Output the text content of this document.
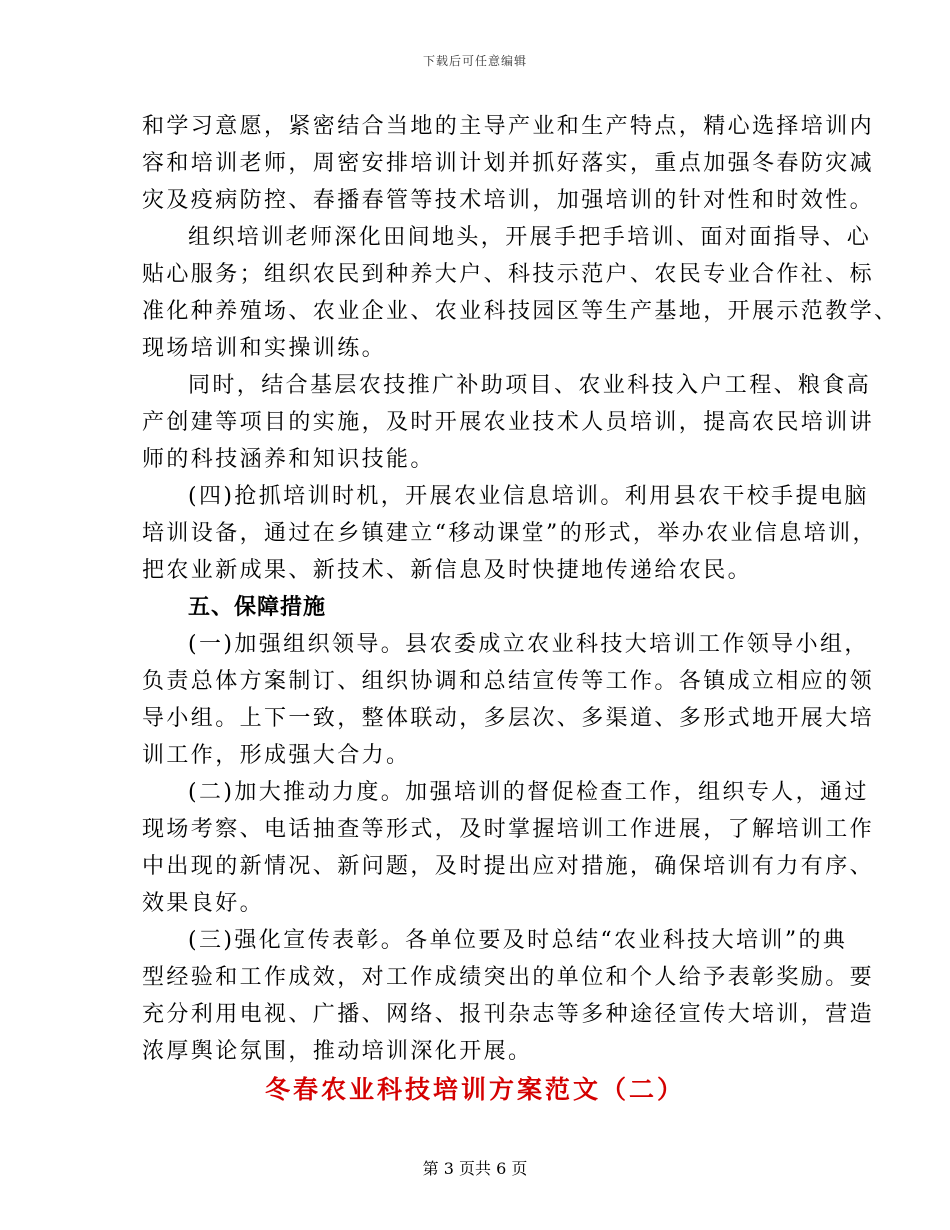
下载后可任意编辑
和学习意愿，紧密结合当地的主导产业和生产特点，精心选择培训内
容和培训老师，周密安排培训计划并抓好落实，重点加强冬春防灾减
灾及疫病防控、春播春管等技术培训，加强培训的针对性和时效性。
组织培训老师深化田间地头，开展手把手培训、面对面指导、心
贴心服务；组织农民到种养大户、科技示范户、农民专业合作社、标
准化种养殖场、农业企业、农业科技园区等生产基地，开展示范教学、
现场培训和实操训练。
同时，结合基层农技推广补助项目、农业科技入户工程、粮食高
产创建等项目的实施，及时开展农业技术人员培训，提高农民培训讲
师的科技涵养和知识技能。
(四)抢抓培训时机，开展农业信息培训。利用县农干校手提电脑
培训设备，通过在乡镇建立“移动课堂”的形式，举办农业信息培训，
把农业新成果、新技术、新信息及时快捷地传递给农民。
五、保障措施
(一)加强组织领导。县农委成立农业科技大培训工作领导小组，
负责总体方案制订、组织协调和总结宣传等工作。各镇成立相应的领
导小组。上下一致，整体联动，多层次、多渠道、多形式地开展大培
训工作，形成强大合力。
(二)加大推动力度。加强培训的督促检查工作，组织专人，通过
现场考察、电话抽查等形式，及时掌握培训工作进展，了解培训工作
中出现的新情况、新问题，及时提出应对措施，确保培训有力有序、
效果良好。
(三)强化宣传表彰。各单位要及时总结“农业科技大培训”的典
型经验和工作成效，对工作成绩突出的单位和个人给予表彰奖励。要
充分利用电视、广播、网络、报刊杂志等多种途径宣传大培训，营造
浓厚舆论氛围，推动培训深化开展。
冬春农业科技培训方案范文（二）
第 3 页共 6 页
